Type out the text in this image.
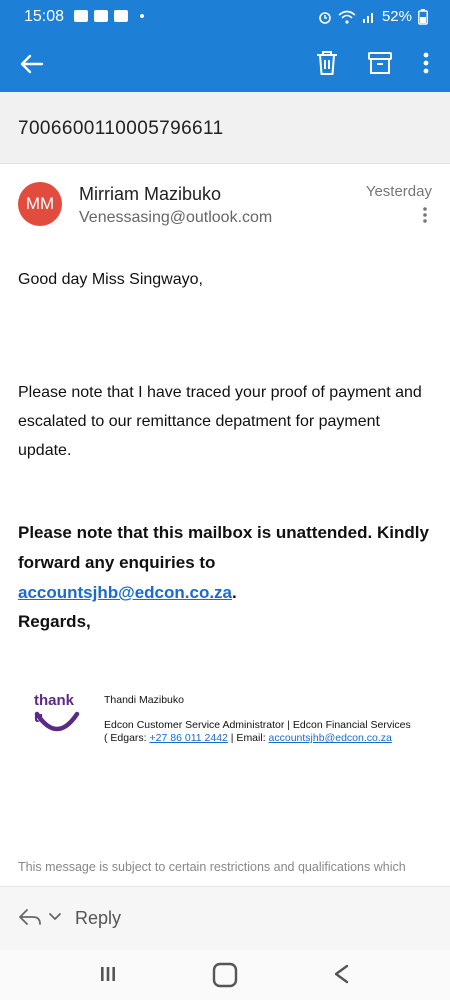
15:08	52%
7006600110005796611
MM	Mirriam Mazibuko
Venessasing@outlook.com
Yesterday
Good day Miss Singwayo,
Please note that I have traced your proof of payment and escalated to our remittance depatment for payment update.
Please note that this mailbox is unattended. Kindly forward any enquiries to accountsjhb@edcon.co.za.
Regards,
thank u
Thandi Mazibuko
Edcon Customer Service Administrator | Edcon Financial Services
( Edgars: +27 86 011 2442 | Email: accountsjhb@edcon.co.za
This message is subject to certain restrictions and qualifications which
Reply
